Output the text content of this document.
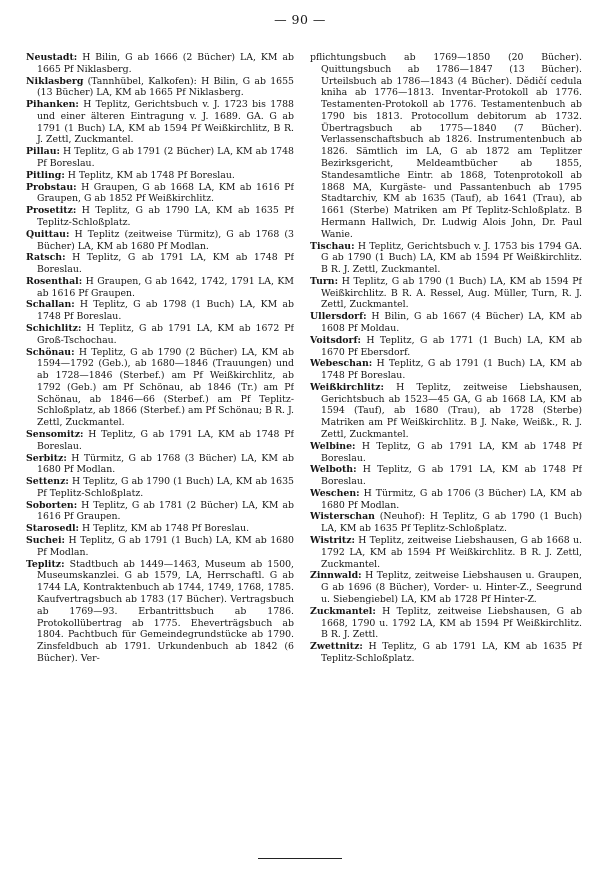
— 90 —

Neustadt: H Bilin, G ab 1666 (2 Bücher) LA, KM ab 1665 Pf Niklasberg.

Niklasberg (Tannhübel, Kalkofen): H Bilin, G ab 1655 (13 Bücher) LA, KM ab 1665 Pf Niklasberg.

Pihanken: H Teplitz, Gerichtsbuch v. J. 1723 bis 1788 und einer älteren Eintragung v. J. 1689. GA. G ab 1791 (1 Buch) LA, KM ab 1594 Pf Weißkirchlitz, B R. J. Zettl, Zuckmantel.

Pillau: H Teplitz, G ab 1791 (2 Bücher) LA, KM ab 1748 Pf Boreslau.

Pitling: H Teplitz, KM ab 1748 Pf Boreslau.

Probstau: H Graupen, G ab 1668 LA, KM ab 1616 Pf Graupen, G ab 1852 Pf Weißkirchlitz.

Prosetitz: H Teplitz, G ab 1790 LA, KM ab 1635 Pf Teplitz-Schloßplatz.

Quittau: H Teplitz (zeitweise Türmitz), G ab 1768 (3 Bücher) LA, KM ab 1680 Pf Modlan.

Ratsch: H Teplitz, G ab 1791 LA, KM ab 1748 Pf Boreslau.

Rosenthal: H Graupen, G ab 1642, 1742, 1791 LA, KM ab 1616 Pf Graupen.

Schallan: H Teplitz, G ab 1798 (1 Buch) LA, KM ab 1748 Pf Boreslau.

Schichlitz: H Teplitz, G ab 1791 LA, KM ab 1672 Pf Groß-Tschochau.

Schönau: H Teplitz, G ab 1790 (2 Bücher) LA, KM ab 1594—1792 (Geb.), ab 1680—1846 (Trauungen) und ab 1728—1846 (Sterbef.) am Pf Weißkirchlitz, ab 1792 (Geb.) am Pf Schönau, ab 1846 (Tr.) am Pf Schönau, ab 1846—66 (Sterbef.) am Pf Teplitz-Schloßplatz, ab 1866 (Sterbef.) am Pf Schönau; B R. J. Zettl, Zuckmantel.

Sensomitz: H Teplitz, G ab 1791 LA, KM ab 1748 Pf Boreslau.

Serbitz: H Türmitz, G ab 1768 (3 Bücher) LA, KM ab 1680 Pf Modlan.

Settenz: H Teplitz, G ab 1790 (1 Buch) LA, KM ab 1635 Pf Teplitz-Schloßplatz.

Soborten: H Teplitz, G ab 1781 (2 Bücher) LA, KM ab 1616 Pf Graupen.

Starosedl: H Teplitz, KM ab 1748 Pf Boreslau.

Suchei: H Teplitz, G ab 1791 (1 Buch) LA, KM ab 1680 Pf Modlan.

Teplitz: Stadtbuch ab 1449—1463, Museum ab 1500, Museumskanzlei. G ab 1579, LA, Herrschaftl. G ab 1744 LA, Kontraktenbuch ab 1744, 1749, 1768, 1785. Kaufvertragsbuch ab 1783 (17 Bücher). Vertragsbuch ab 1769—93. Erbantrittsbuch ab 1786. Protokollübertrag ab 1775. Eheverträgsbuch ab 1804. Pachtbuch für Gemeindegrundstücke ab 1790. Zinsfeldbuch ab 1791. Urkundenbuch ab 1842 (6 Bücher). Ver-

pflichtungsbuch ab 1769—1850 (20 Bücher). Quittungsbuch ab 1786—1847 (13 Bücher). Urteilsbuch ab 1786—1843 (4 Bücher). Dědičí cedula kniha ab 1776—1813. Inventar-Protokoll ab 1776. Testamenten-Protokoll ab 1776. Testamentenbuch ab 1790 bis 1813. Protocollum debitorum ab 1732. Übertragsbuch ab 1775—1840 (7 Bücher). Verlassenschaftsbuch ab 1826. Instrumentenbuch ab 1826. Sämtlich im LA, G ab 1872 am Teplitzer Bezirksgericht, Meldeamtbücher ab 1855, Standesamtliche Eintr. ab 1868, Totenprotokoll ab 1868 MA, Kurgäste- und Passantenbuch ab 1795 Stadtarchiv, KM ab 1635 (Tauf), ab 1641 (Trau), ab 1661 (Sterbe) Matriken am Pf Teplitz-Schloßplatz. B Hermann Hallwich, Dr. Ludwig Alois John, Dr. Paul Wanie.

Tischau: H Teplitz, Gerichtsbuch v. J. 1753 bis 1794 GA. G ab 1790 (1 Buch) LA, KM ab 1594 Pf Weißkirchlitz. B R. J. Zettl, Zuckmantel.

Turn: H Teplitz, G ab 1790 (1 Buch) LA, KM ab 1594 Pf Weißkirchlitz. B R. A. Ressel, Aug. Müller, Turn, R. J. Zettl, Zuckmantel.

Ullersdorf: H Bilin, G ab 1667 (4 Bücher) LA, KM ab 1608 Pf Moldau.

Voitsdorf: H Teplitz, G ab 1771 (1 Buch) LA, KM ab 1670 Pf Ebersdorf.

Webeschan: H Teplitz, G ab 1791 (1 Buch) LA, KM ab 1748 Pf Boreslau.

Weißkirchlitz: H Teplitz, zeitweise Liebshausen, Gerichtsbuch ab 1523—45 GA, G ab 1668 LA, KM ab 1594 (Tauf), ab 1680 (Trau), ab 1728 (Sterbe) Matriken am Pf Weißkirchlitz. B J. Nake, Weißk., R. J. Zettl, Zuckmantel.

Welbine: H Teplitz, G ab 1791 LA, KM ab 1748 Pf Boreslau.

Welboth: H Teplitz, G ab 1791 LA, KM ab 1748 Pf Boreslau.

Weschen: H Türmitz, G ab 1706 (3 Bücher) LA, KM ab 1680 Pf Modlan.

Wisterschan (Neuhof): H Teplitz, G ab 1790 (1 Buch) LA, KM ab 1635 Pf Teplitz-Schloßplatz.

Wistritz: H Teplitz, zeitweise Liebshausen, G ab 1668 u. 1792 LA, KM ab 1594 Pf Weißkirchlitz. B R. J. Zettl, Zuckmantel.

Zinnwald: H Teplitz, zeitweise Liebshausen u. Graupen, G ab 1696 (8 Bücher), Vorder- u. Hinter-Z., Seegrund u. Siebengiebel) LA, KM ab 1728 Pf Hinter-Z.

Zuckmantel: H Teplitz, zeitweise Liebshausen, G ab 1668, 1790 u. 1792 LA, KM ab 1594 Pf Weißkirchlitz. B R. J. Zettl.

Zwettnitz: H Teplitz, G ab 1791 LA, KM ab 1635 Pf Teplitz-Schloßplatz.
